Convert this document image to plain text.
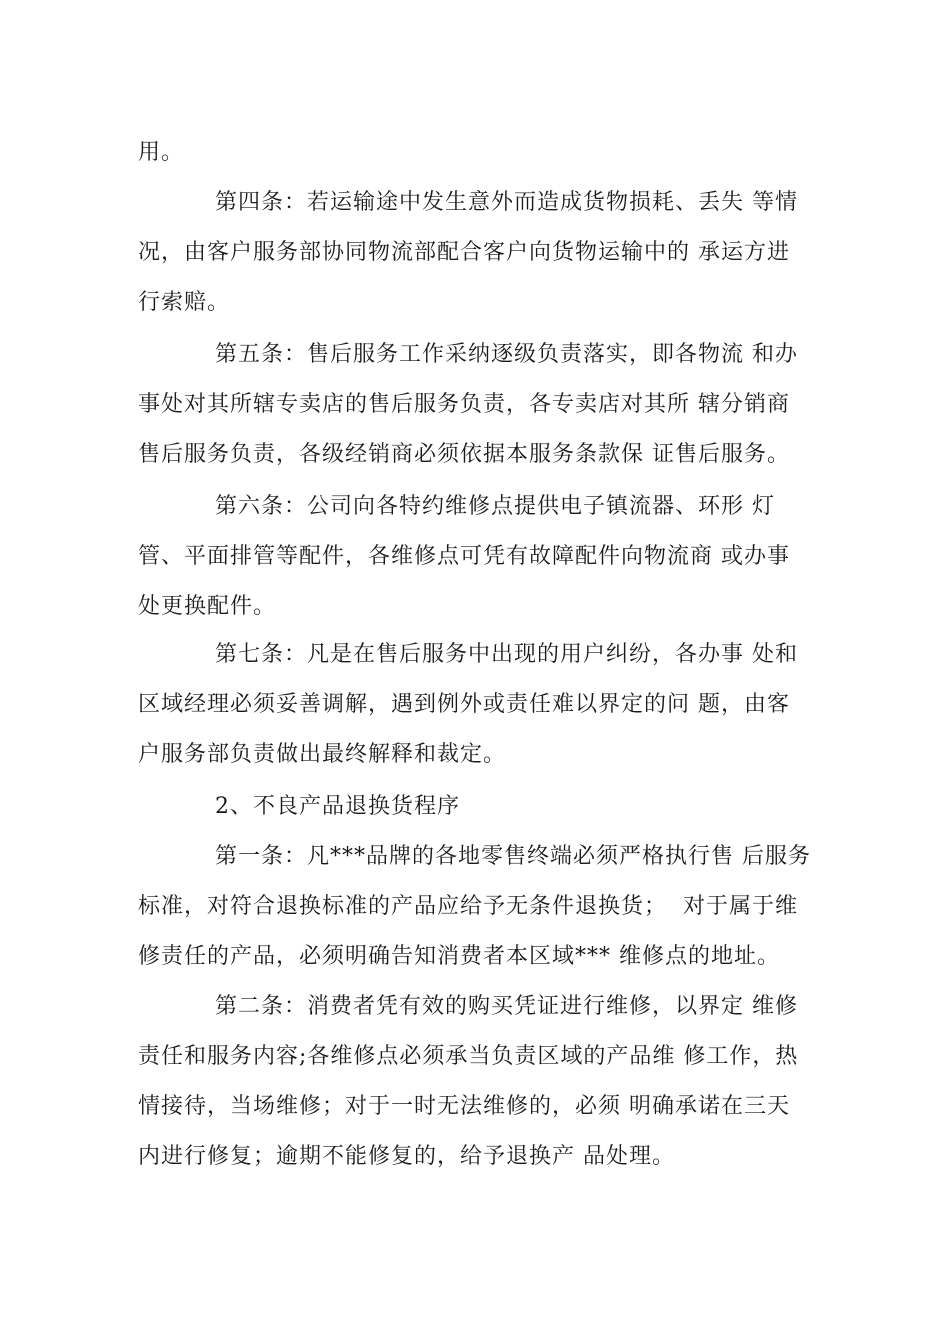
用。
第四条：若运输途中发生意外而造成货物损耗、丢失 等情
况，由客户服务部协同物流部配合客户向货物运输中的 承运方进
行索赔。
第五条：售后服务工作采纳逐级负责落实，即各物流 和办
事处对其所辖专卖店的售后服务负责，各专卖店对其所 辖分销商
售后服务负责，各级经销商必须依据本服务条款保 证售后服务。
第六条：公司向各特约维修点提供电子镇流器、环形 灯
管、平面排管等配件，各维修点可凭有故障配件向物流商 或办事
处更换配件。
第七条：凡是在售后服务中出现的用户纠纷，各办事 处和
区域经理必须妥善调解，遇到例外或责任难以界定的问 题，由客
户服务部负责做出最终解释和裁定。
2、不良产品退换货程序
第一条：凡***品牌的各地零售终端必须严格执行售 后服务
标准，对符合退换标准的产品应给予无条件退换货；  对于属于维
修责任的产品，必须明确告知消费者本区域*** 维修点的地址。
第二条：消费者凭有效的购买凭证进行维修，以界定 维修
责任和服务内容;各维修点必须承当负责区域的产品维 修工作，热
情接待，当场维修；对于一时无法维修的，必须 明确承诺在三天
内进行修复；逾期不能修复的，给予退换产 品处理。
